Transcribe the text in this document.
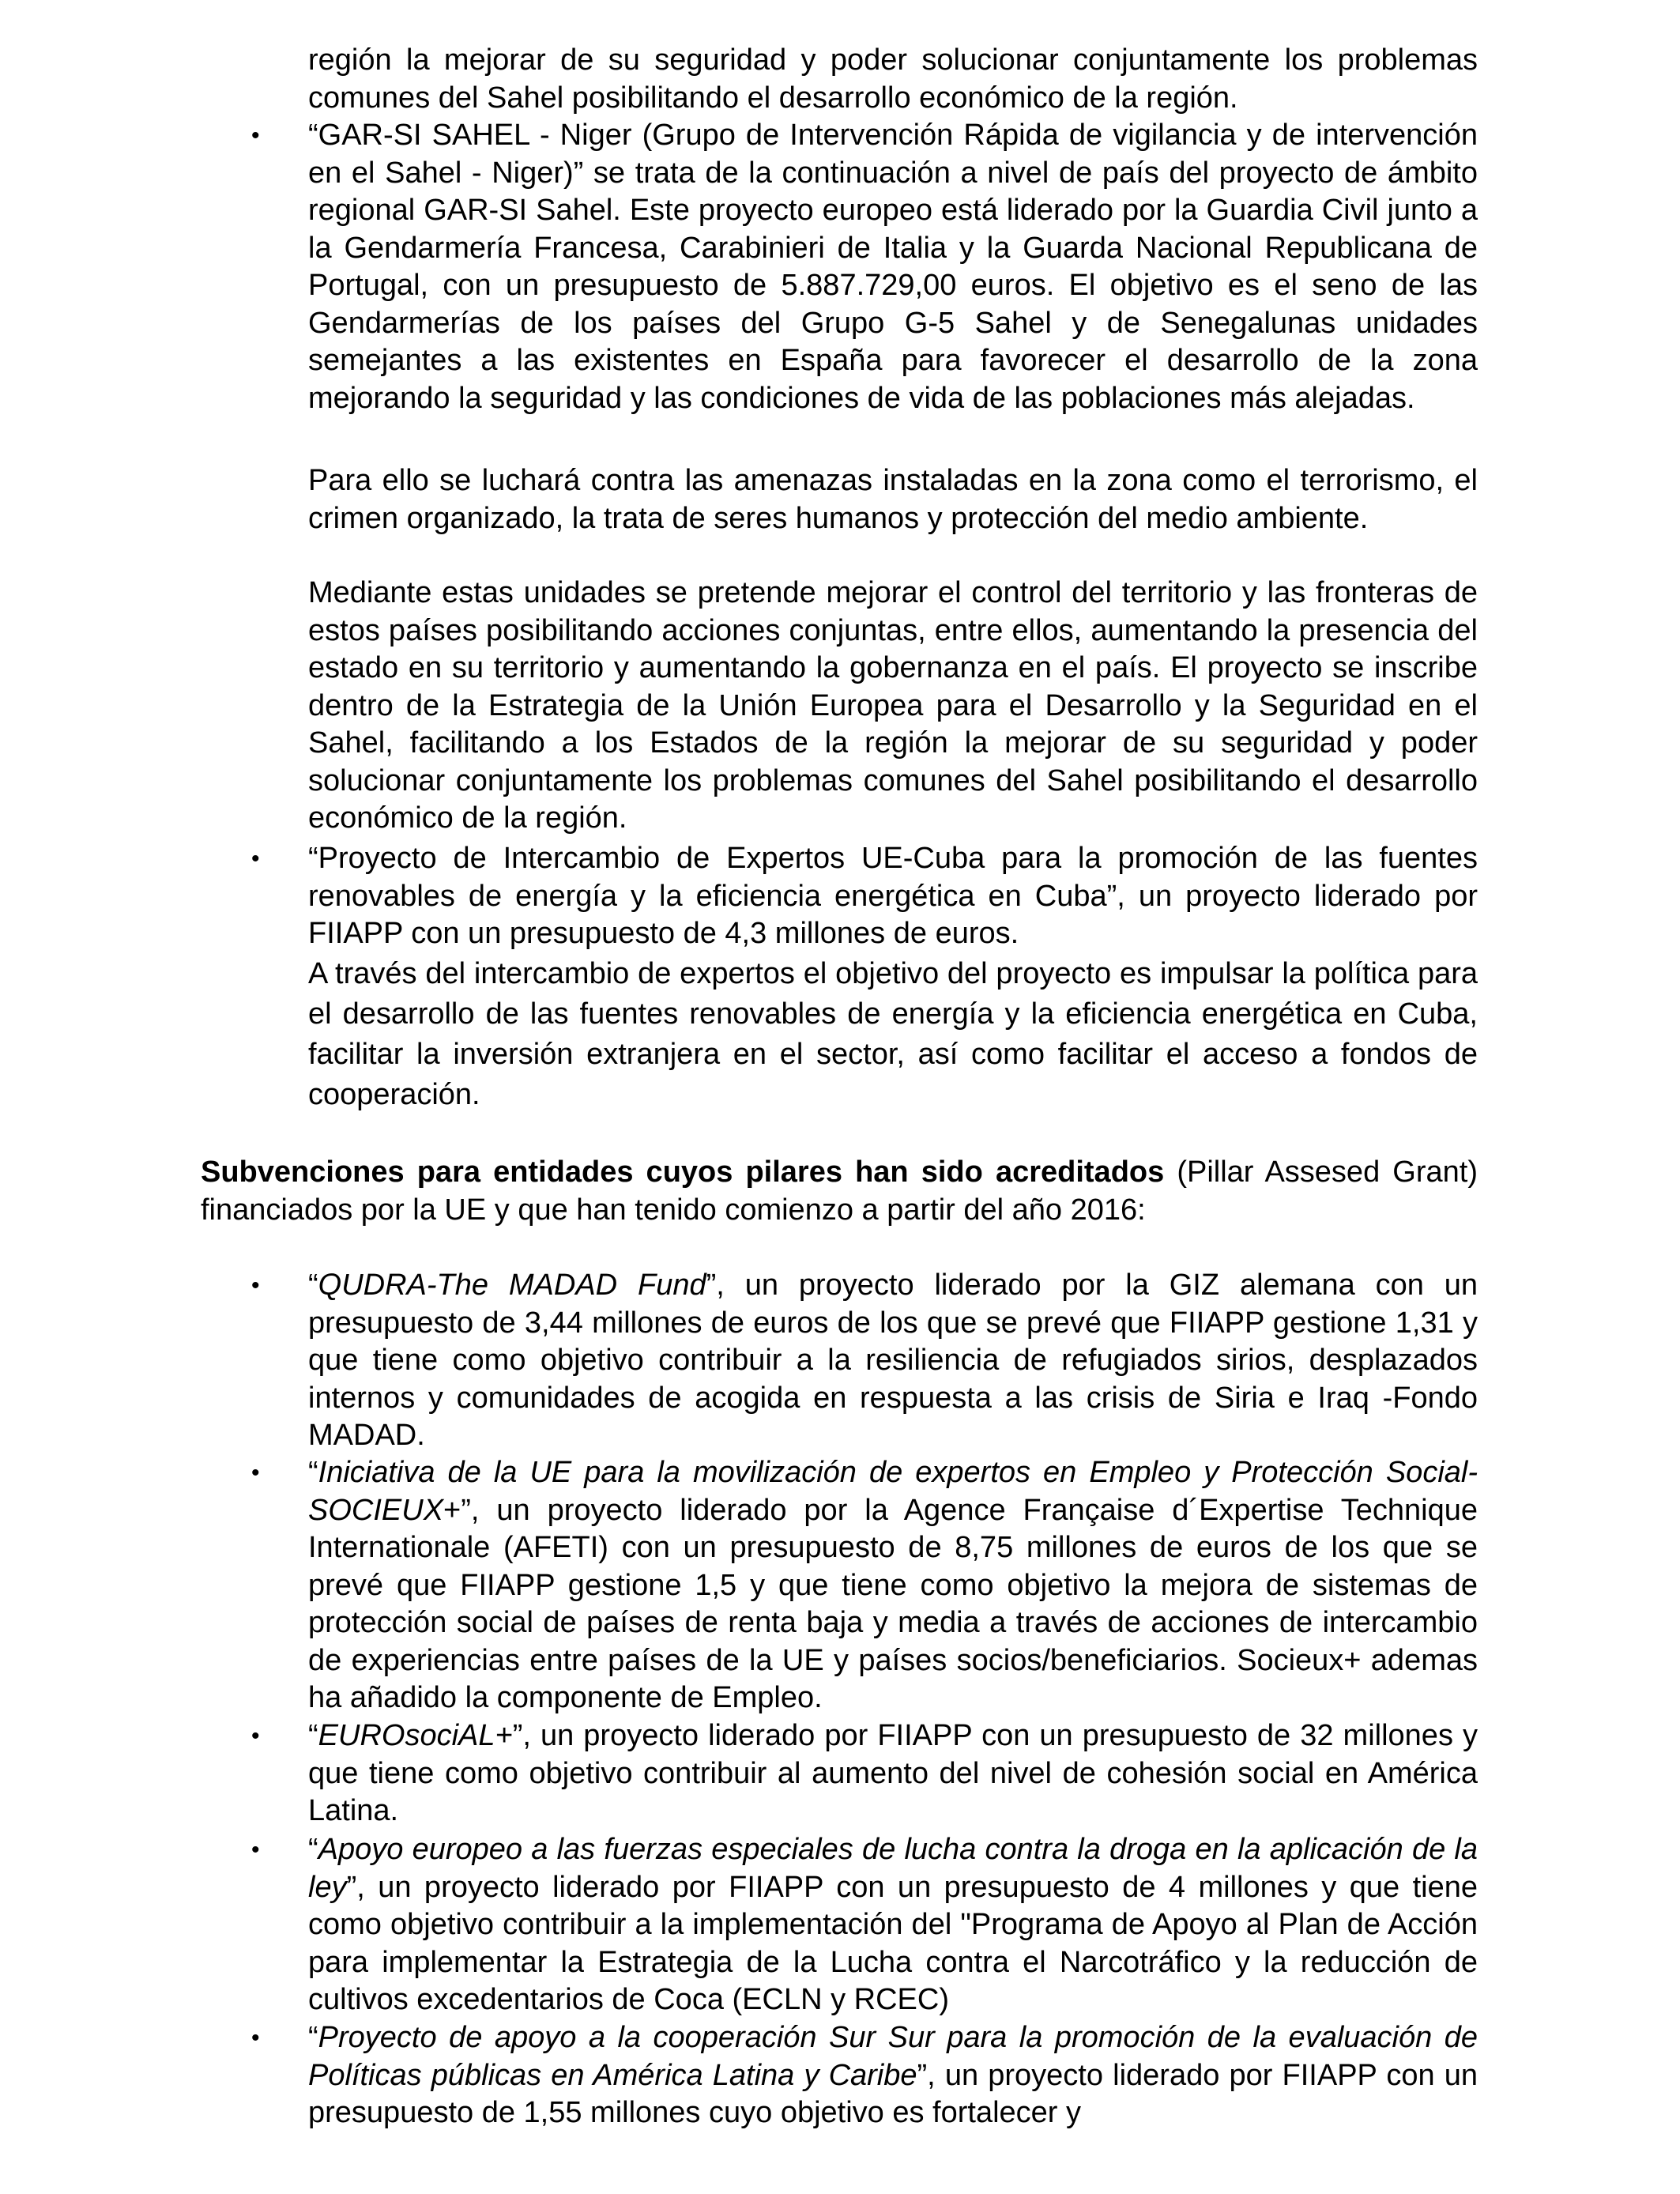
región la mejorar de su seguridad y poder solucionar conjuntamente los problemas comunes del Sahel posibilitando el desarrollo económico de la región.

• “GAR-SI SAHEL - Niger (Grupo de Intervención Rápida de vigilancia y de intervención en el Sahel - Niger)” se trata de la continuación a nivel de país del proyecto de ámbito regional GAR-SI Sahel. Este proyecto europeo está liderado por la Guardia Civil junto a la Gendarmería Francesa, Carabinieri de Italia y la Guarda Nacional Republicana de Portugal, con un presupuesto de 5.887.729,00 euros. El objetivo es el seno de las Gendarmerías de los países del Grupo G-5 Sahel y de Senegalunas unidades semejantes a las existentes en España para favorecer el desarrollo de la zona mejorando la seguridad y las condiciones de vida de las poblaciones más alejadas.

Para ello se luchará contra las amenazas instaladas en la zona como el terrorismo, el crimen organizado, la trata de seres humanos y protección del medio ambiente.

Mediante estas unidades se pretende mejorar el control del territorio y las fronteras de estos países posibilitando acciones conjuntas, entre ellos, aumentando la presencia del estado en su territorio y aumentando la gobernanza en el país. El proyecto se inscribe dentro de la Estrategia de la Unión Europea para el Desarrollo y la Seguridad en el Sahel, facilitando a los Estados de la región la mejorar de su seguridad y poder solucionar conjuntamente los problemas comunes del Sahel posibilitando el desarrollo económico de la región.

• “Proyecto de Intercambio de Expertos UE-Cuba para la promoción de las fuentes renovables de energía y la eficiencia energética en Cuba”, un proyecto liderado por FIIAPP con un presupuesto de 4,3 millones de euros.

A través del intercambio de expertos el objetivo del proyecto es impulsar la política para el desarrollo de las fuentes renovables de energía y la eficiencia energética en Cuba, facilitar la inversión extranjera en el sector, así como facilitar el acceso a fondos de cooperación.

Subvenciones para entidades cuyos pilares han sido acreditados (Pillar Assesed Grant) financiados por la UE y que han tenido comienzo a partir del año 2016:

• “QUDRA-The MADAD Fund”, un proyecto liderado por la GIZ alemana con un presupuesto de 3,44 millones de euros de los que se prevé que FIIAPP gestione 1,31 y que tiene como objetivo contribuir a la resiliencia de refugiados sirios, desplazados internos y comunidades de acogida en respuesta a las crisis de Siria e Iraq -Fondo MADAD.

• “Iniciativa de la UE para la movilización de expertos en Empleo y Protección Social- SOCIEUX+”, un proyecto liderado por la Agence Française d´Expertise Technique Internationale (AFETI) con un presupuesto de 8,75 millones de euros de los que se prevé que FIIAPP gestione 1,5 y que tiene como objetivo la mejora de sistemas de protección social de países de renta baja y media a través de acciones de intercambio de experiencias entre países de la UE y países socios/beneficiarios. Socieux+ ademas ha añadido la componente de Empleo.

• “EUROsociAL+”, un proyecto liderado por FIIAPP con un presupuesto de 32 millones y que tiene como objetivo contribuir al aumento del nivel de cohesión social en América Latina.

• “Apoyo europeo a las fuerzas especiales de lucha contra la droga en la aplicación de la ley”, un proyecto liderado por FIIAPP con un presupuesto de 4 millones y que tiene como objetivo contribuir a la implementación del "Programa de Apoyo al Plan de Acción para implementar la Estrategia de la Lucha contra el Narcotráfico y la reducción de cultivos excedentarios de Coca (ECLN y RCEC)

• “Proyecto de apoyo a la cooperación Sur Sur para la promoción de la evaluación de Políticas públicas en América Latina y Caribe”, un proyecto liderado por FIIAPP con un presupuesto de 1,55 millones cuyo objetivo es fortalecer y
